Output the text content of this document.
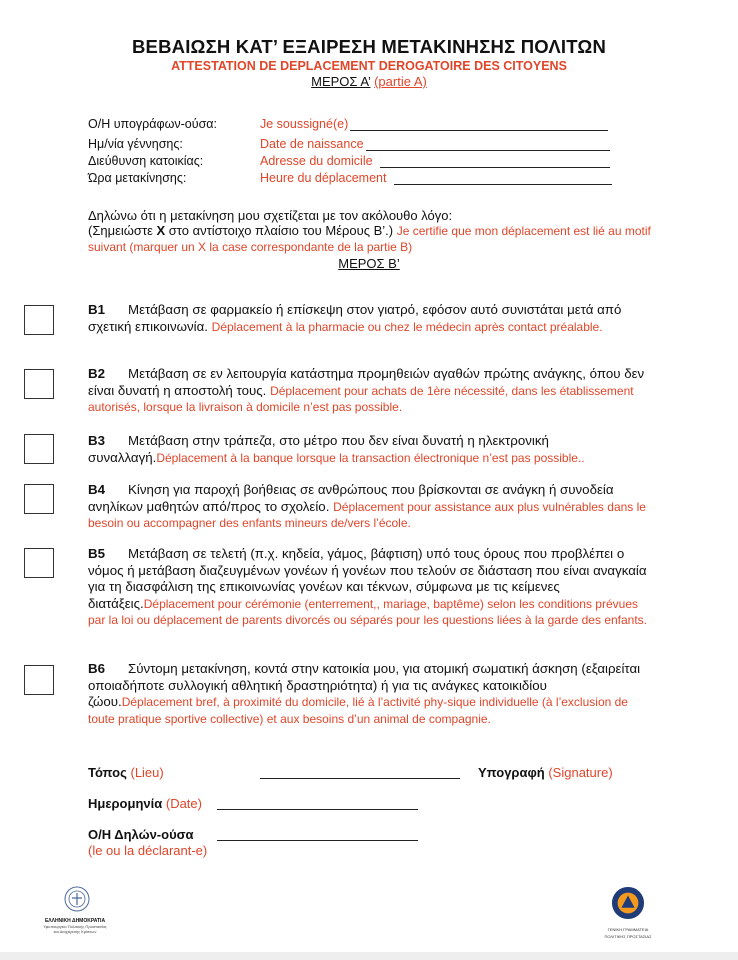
ΒΕΒΑΙΩΣΗ ΚΑΤ’ ΕΞΑΙΡΕΣΗ ΜΕΤΑΚΙΝΗΣΗΣ ΠΟΛΙΤΩΝ
ATTESTATION DE DEPLACEMENT DEROGATOIRE DES CITOYENS
ΜΕΡΟΣ Α’ (partie A)
Ο/Η υπογράφων-ούσα:	Je soussigné(e)
Ημ/νία γέννησης:	Date de naissance
Διεύθυνση κατοικίας:	Adresse du domicile
Ώρα μετακίνησης:	Heure du déplacement
Δηλώνω ότι η μετακίνηση μου σχετίζεται με τον ακόλουθο λόγο:
(Σημειώστε Χ στο αντίστοιχο πλαίσιο του Μέρους Β’.) Je certifie que mon déplacement est lié au motif suivant (marquer un X la case correspondante de la partie B)
ΜΕΡΟΣ Β’
Β1 Μετάβαση σε φαρμακείο ή επίσκεψη στον γιατρό, εφόσον αυτό συνιστάται μετά από σχετική επικοινωνία. Déplacement à la pharmacie ou chez le médecin après contact préalable.
Β2 Μετάβαση σε εν λειτουργία κατάστημα προμηθειών αγαθών πρώτης ανάγκης, όπου δεν είναι δυνατή η αποστολή τους. Déplacement pour achats de 1ère nécessité, dans les établissement autorisés, lorsque la livraison à domicile n’est pas possible.
Β3 Μετάβαση στην τράπεζα, στο μέτρο που δεν είναι δυνατή η ηλεκτρονική συναλλαγή.Déplacement à la banque lorsque la transaction électronique n’est pas possible..
Β4 Κίνηση για παροχή βοήθειας σε ανθρώπους που βρίσκονται σε ανάγκη ή συνοδεία ανηλίκων μαθητών από/προς το σχολείο. Déplacement pour assistance aux plus vulnérables dans le besoin ou accompagner des enfants mineurs de/vers l’école.
Β5 Μετάβαση σε τελετή (π.χ. κηδεία, γάμος, βάφτιση) υπό τους όρους που προβλέπει ο νόμος ή μετάβαση διαζευγμένων γονέων ή γονέων που τελούν σε διάσταση που είναι αναγκαία για τη διασφάλιση της επικοινωνίας γονέων και τέκνων, σύμφωνα με τις κείμενες διατάξεις.Déplacement pour cérémonie (enterrement,, mariage, baptême) selon les conditions prévues par la loi ou déplacement de parents divorcés ou séparés pour les questions liées à la garde des enfants.
Β6 Σύντομη μετακίνηση, κοντά στην κατοικία μου, για ατομική σωματική άσκηση (εξαιρείται οποιαδήποτε συλλογική αθλητική δραστηριότητα) ή για τις ανάγκες κατοικιδίου ζώου.Déplacement bref, à proximité du domicile, lié à l’activité phy-sique individuelle (à l’exclusion de toute pratique sportive collective) et aux besoins d’un animal de compagnie.
Τόπος (Lieu)	Υπογραφή (Signature)
Ημερομηνία (Date)
Ο/Η Δηλών-ούσα
(le ou la déclarant-e)
ΕΛΛΗΝΙΚΗ ΔΗΜΟΚΡΑΤΙΑ
Υφυπουργείο Πολιτικής Προστασίας
και Διαχείρισης Κρίσεων	ΓΕΝΙΚΗ ΓΡΑΜΜΑΤΕΙΑ
ΠΟΛΙΤΙΚΗΣ ΠΡΟΣΤΑΣΙΑΣ
